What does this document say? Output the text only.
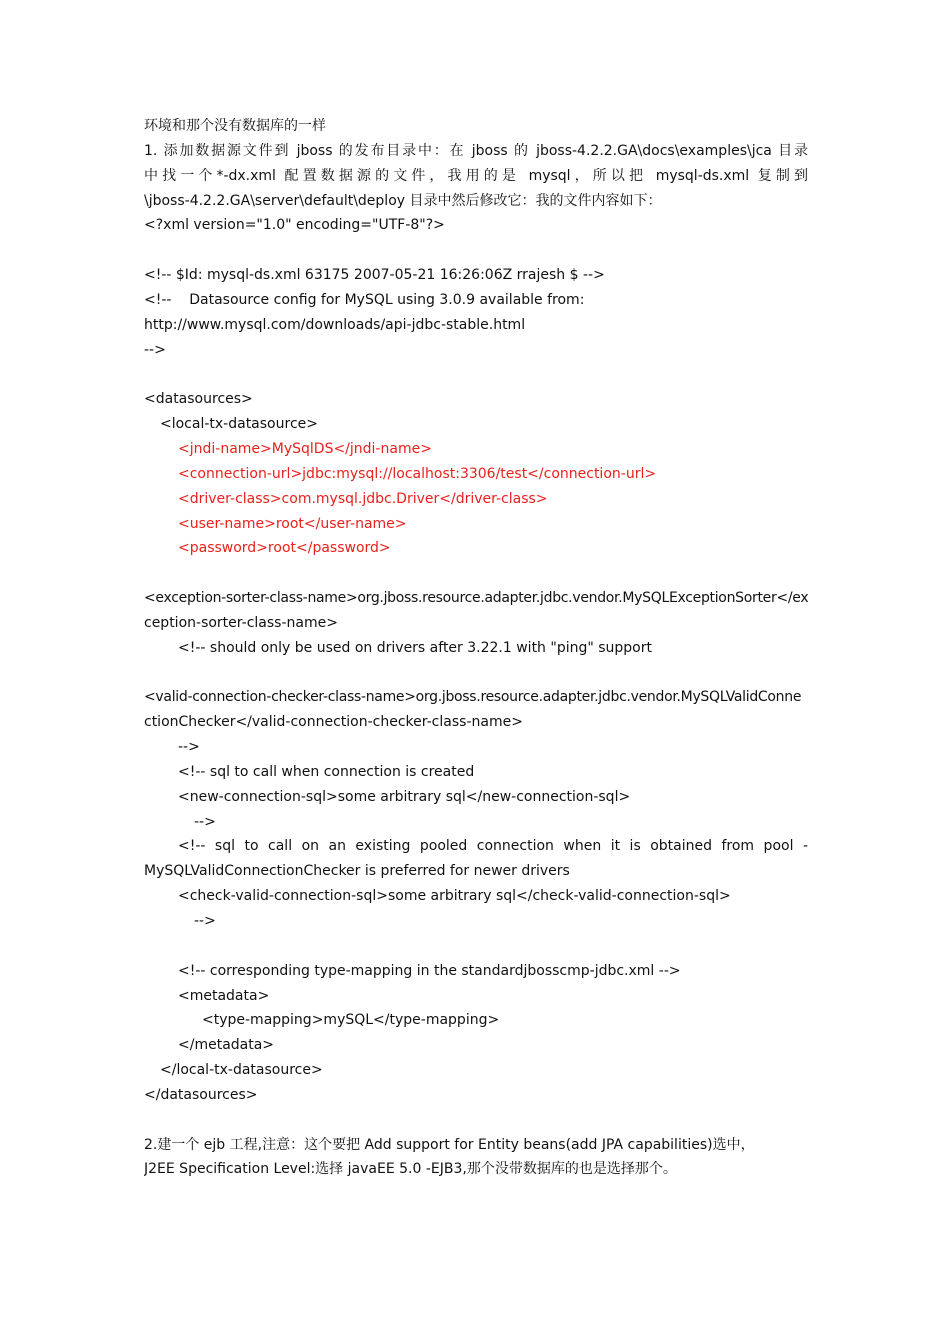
环境和那个没有数据库的一样
1. 添加数据源文件到 jboss 的发布目录中：在 jboss 的 jboss-4.2.2.GA\docs\examples\jca 目录
中找一个*-dx.xml 配置数据源的文件，我用的是 mysql，所以把 mysql-ds.xml 复制到
\jboss-4.2.2.GA\server\default\deploy 目录中然后修改它：我的文件内容如下：
<?xml version="1.0" encoding="UTF-8"?>
<!-- $Id: mysql-ds.xml 63175 2007-05-21 16:26:06Z rrajesh $ -->
<!--    Datasource config for MySQL using 3.0.9 available from:
http://www.mysql.com/downloads/api-jdbc-stable.html
-->
<datasources>
<local-tx-datasource>
<jndi-name>MySqlDS</jndi-name>
<connection-url>jdbc:mysql://localhost:3306/test</connection-url>
<driver-class>com.mysql.jdbc.Driver</driver-class>
<user-name>root</user-name>
<password>root</password>
<exception-sorter-class-name>org.jboss.resource.adapter.jdbc.vendor.MySQLExceptionSorter</ex
ception-sorter-class-name>
<!-- should only be used on drivers after 3.22.1 with "ping" support
<valid-connection-checker-class-name>org.jboss.resource.adapter.jdbc.vendor.MySQLValidConne
ctionChecker</valid-connection-checker-class-name>
-->
<!-- sql to call when connection is created
<new-connection-sql>some arbitrary sql</new-connection-sql>
-->
<!-- sql to call on an existing pooled connection when it is obtained from pool -
MySQLValidConnectionChecker is preferred for newer drivers
<check-valid-connection-sql>some arbitrary sql</check-valid-connection-sql>
-->
<!-- corresponding type-mapping in the standardjbosscmp-jdbc.xml -->
<metadata>
<type-mapping>mySQL</type-mapping>
</metadata>
</local-tx-datasource>
</datasources>
2.建一个 ejb 工程,注意：这个要把 Add support for Entity beans(add JPA capabilities)选中，
J2EE Specification Level:选择 javaEE 5.0 -EJB3,那个没带数据库的也是选择那个。
